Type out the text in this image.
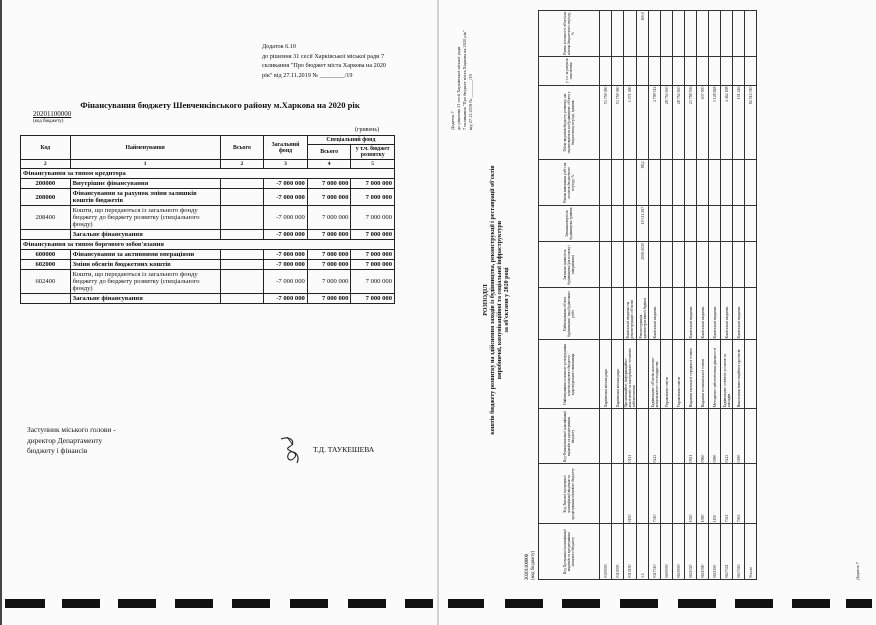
Додаток 6.10
до рішення 31 сесії Харківської міської ради 7
скликання "Про бюджет міста Харкова на 2020
рік" від 27.11.2019 № ________/19
Фінансування бюджету Шевченківського району м.Харкова на 2020 рік
20201100000
(код бюджету)
(гривень)
Код	Найменування	Всього	Загальний фонд	Спеціальний фонд	
				Всього	у т.ч. бюджет розвитку
2	1	2	3	4	5
Фінансування за типом кредитора					
200000	Внутрішнє фінансування		-7 000 000	7 000 000	7 000 000
208000	Фінансування за рахунок зміни залишків коштів бюджетів		-7 000 000	7 000 000	7 000 000
208400	Кошти, що передаються із загального фонду бюджету до бюджету розвитку (спеціального фонду)		-7 000 000	7 000 000	7 000 000
	Загальне фінансування		-7 000 000	7 000 000	7 000 000
Фінансування за типом боргового зобов'язання					
600000	Фінансування за активними операціями		-7 000 000	7 000 000	7 000 000
602000	Зміни обсягів бюджетних коштів		-7 000 000	7 000 000	7 000 000
602400	Кошти, що передаються із загального фонду бюджету до бюджету розвитку (спеціального фонду)		-7 000 000	7 000 000	7 000 000
	Загальне фінансування		-7 000 000	7 000 000	7 000 000
Заступник міського голови -
директор Департаменту
бюджету і фінансів	Т.Д. ТАУКЕШЕВА
Додаток 7 до рішення 31 сесії Харківської міської ради 7 скликання "Про бюджет міста Харкова на 2020 рік" від 27.11.2019 № ________/19
РОЗПОДІЛ коштів бюджету розвитку на здійснення заходів із будівництва, реконструкції і реставрації об'єктів виробничої, комунікаційної та соціальної інфраструктури за об'єктами у 2020 році
20201100000 (код бюджету)	Код Програмної класифікації видатків та кредитування місцевого бюджету	Код Типової програмної класифікації видатків та кредитування місцевого бюджету	Код Функціональної класифікації видатків та кредитування бюджету	Найменування головного розпорядника коштів місцевого бюджету / відповідального виконавця	Найменування об'єкта будівництва / вид будівельних робіт	Загальна тривалість будівництва (рік початку і завершення)	Загальна вартість будівництва, гривень	Рівень виконання робіт на початок бюджетного періоду, %	Обсяг видатків бюджету розвитку, які спрямовуються на будівництво об'єкта у бюджетному періоді, гривень	у т.ч. за рахунок запозичень	Рівень готовності об'єкта на кінець бюджетного періоду, %
0100000			Харківська міська рада					53 759 380		
0110000			Харківська міська рада					53 759 380		
0110150	0150	0111	Організаційне, інформаційно-аналітичне та матеріально-технічне забезпечення	Капітальні видатки на реконструкцію об'єктів				1 071 380		
1.1				Реконструкція адміністративної будівлі	2006-2020	19 311 267	88,2			100,0
0117310	7310	0443	Будівництво об'єктів житлово-комунального господарства	Капітальні видатки				4 799 512		
0600000			Управління освіти					28 752 630		
0610000			Управління освіти					28 752 630		
0611020	1020	0921	Надання загальної середньої освіти	Капітальні видатки				23 758 536		
0611090	1090	0960	Надання позашкільної освіти	Капітальні видатки				637 000		
0611150	1150	0990	Методичне забезпечення діяльності	Капітальні видатки				3 128 848		
0617321	7321	0443	Будівництво освітніх установ та закладів	Капітальні видатки				4 464 188		
0617363	7363	0490	Виконання інвестиційних проектів	Капітальні видатки				101 246		
Усього								82 512 010		
Додаток 7
